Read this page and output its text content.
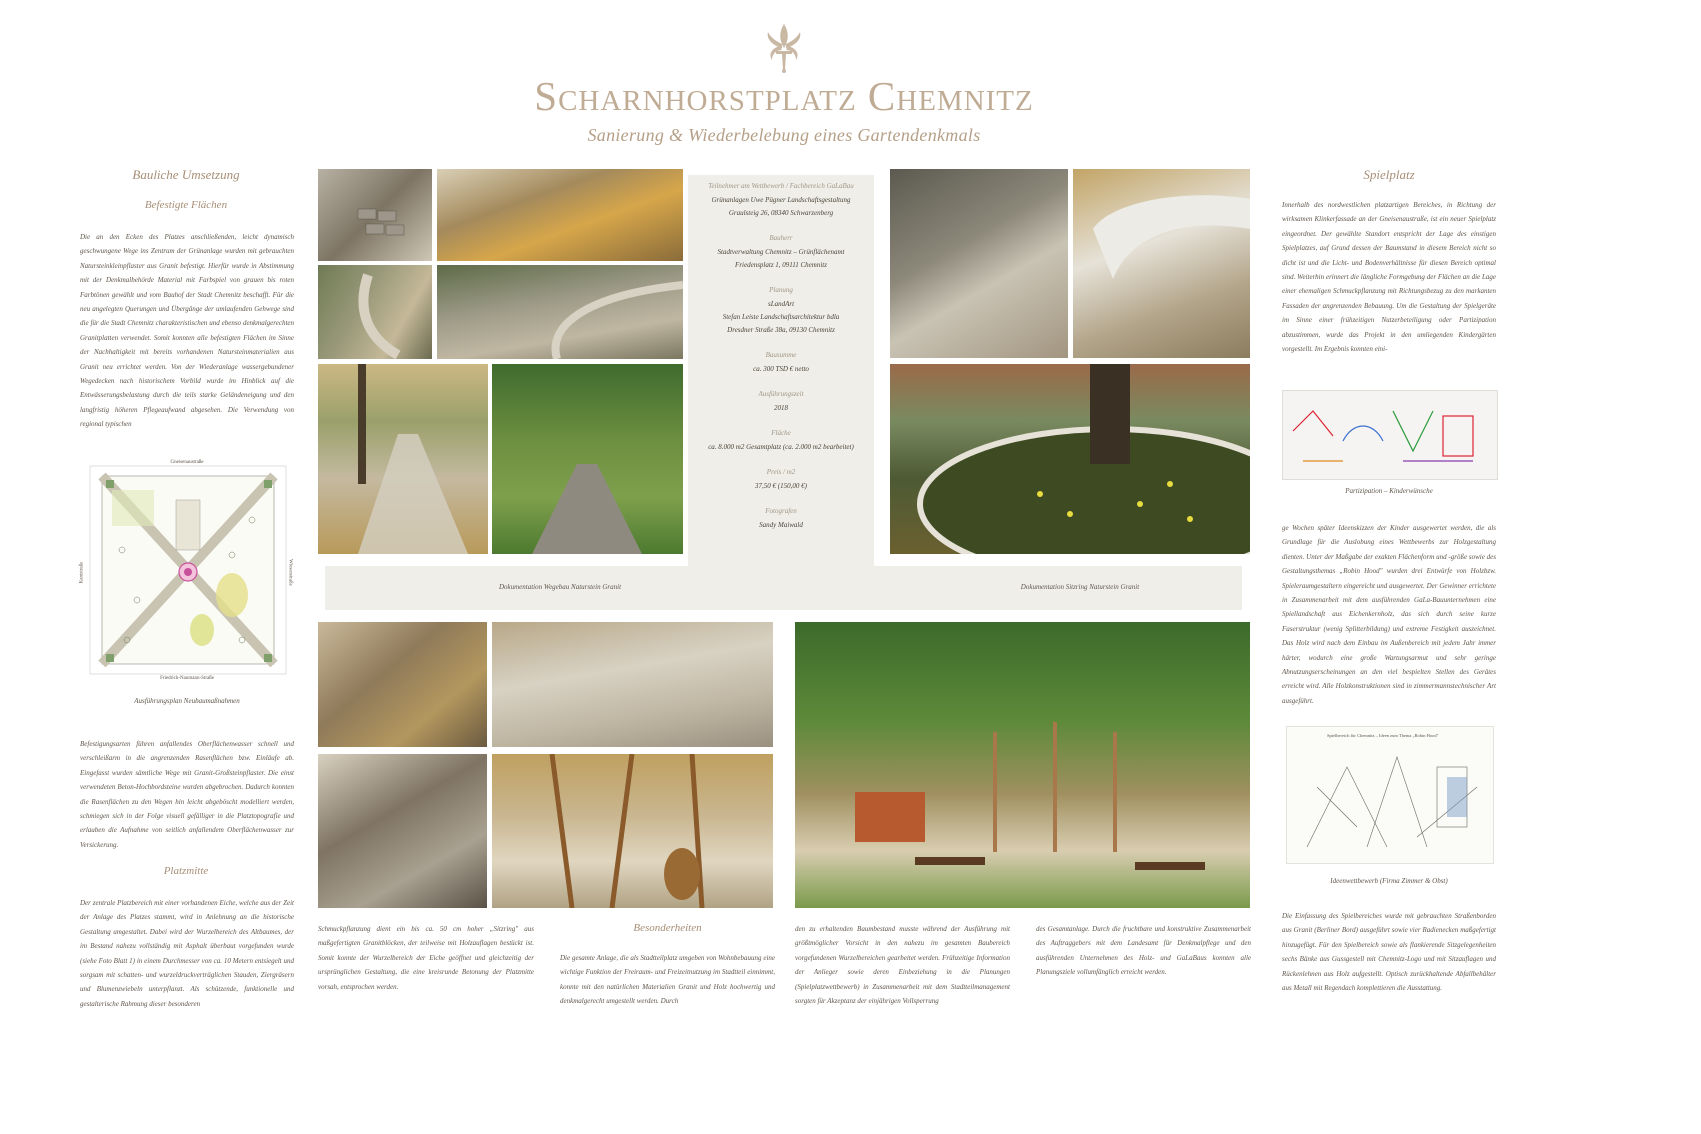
Scharnhorstplatz Chemnitz
Sanierung & Wiederbelebung eines Gartendenkmals
Bauliche Umsetzung
Befestigte Flächen
Die an den Ecken des Platzes anschließenden, leicht dynamisch geschwungene Wege ins Zentrum der Grünanlage wurden mit gebrauchten Natursteinkleinpflaster aus Granit befestigt. Hierfür wurde in Abstimmung mit der Denkmalbehörde Material mit Farbspiel von grauen bis roten Farbtönen gewählt und vom Bauhof der Stadt Chemnitz beschafft. Für die neu angelegten Querungen und Übergänge der umlaufenden Gehwege sind die für die Stadt Chemnitz charakteristischen und ebenso denkmalgerechten Granitplatten verwendet. Somit konnten alle befestigten Flächen im Sinne der Nachhaltigkeit mit bereits vorhandenen Natursteinmaterialien aus Granit neu errichtet werden. Von der Wiederanlage wassergebundener Wegedecken nach historischem Vorbild wurde im Hinblick auf die Entwässerungsbelastung durch die teils starke Geländeneigung und den langfristig höheren Pflegeaufwand abgesehen. Die Verwendung von regional typischen
Gneisenaustraße
Friedrich-Naumann-Straße
Kantstraße	Wiesenstraße
Ausführungsplan Neubaumaßnahmen
Befestigungsarten führen anfallendes Oberflächenwasser schnell und verschleißarm in die angrenzenden Rasenflächen bzw. Einläufe ab. Eingefasst wurden sämtliche Wege mit Granit-Großsteinpflaster. Die einst verwendeten Beton-Hochbordsteine wurden abgebrochen. Dadurch konnten die Rasenflächen zu den Wegen hin leicht abgeböscht modelliert werden, schmiegen sich in der Folge visuell gefälliger in die Platztopografie und erlauben die Aufnahme von seitlich anfallendem Oberflächenwasser zur Versickerung.
Platzmitte
Der zentrale Platzbereich mit einer vorhandenen Eiche, welche aus der Zeit der Anlage des Platzes stammt, wird in Anlehnung an die historische Gestaltung umgestaltet. Dabei wird der Wurzelbereich des Altbaumes, der im Bestand nahezu vollständig mit Asphalt überbaut vorgefunden wurde (siehe Foto Blatt 1) in einem Durchmesser von ca. 10 Metern entsiegelt und sorgsam mit schatten- und wurzeldruckverträglichen Stauden, Ziergräsern und Blumenzwiebeln unterpflanzt. Als schützende, funktionelle und gestalterische Rahmung dieser besonderen
Teilnehmer am Wettbewerb / Fachbereich GaLaBau
Grünanlagen Uwe Pügner Landschaftsgestaltung
Graulsteig 26, 08340 Schwarzenberg
Bauherr
Stadtverwaltung Chemnitz – Grünflächenamt
Friedensplatz 1, 09111 Chemnitz
Planung
sLandArt
Stefan Leiste Landschaftsarchitektur bdla
Dresdner Straße 38a, 09130 Chemnitz
Bausumme
ca. 300 TSD € netto
Ausführungszeit
2018
Fläche
ca. 8.000 m2 Gesamtplatz (ca. 2.000 m2 bearbeitet)
Preis / m2
37,50 € (150,00 €)
Fotografen
Sandy Maiwald
Dokumentation Wegebau Naturstein Granit	Dokumentation Sitzring Naturstein Granit
Schmuckpflanzung dient ein bis ca. 50 cm hoher „Sitzring" aus maßgefertigten Granitblöcken, der teilweise mit Holzauflagen bestückt ist. Somit konnte der Wurzelbereich der Eiche geöffnet und gleichzeitig der ursprünglichen Gestaltung, die eine kreisrunde Betonung der Platzmitte vorsah, entsprochen werden.
Besonderheiten
Die gesamte Anlage, die als Stadtteilplatz umgeben von Wohnbebauung eine wichtige Funktion der Freiraum- und Freizeitnutzung im Stadtteil einnimmt, konnte mit den natürlichen Materialien Granit und Holz hochwertig und denkmalgerecht umgestellt werden. Durch
den zu erhaltenden Baumbestand musste während der Ausführung mit größtmöglicher Vorsicht in den nahezu im gesamten Baubereich vorgefundenen Wurzelbereichen gearbeitet werden. Frühzeitige Information der Anlieger sowie deren Einbeziehung in die Planungen (Spielplatzwettbewerb) in Zusammenarbeit mit dem Stadtteilmanagement sorgten für Akzeptanz der einjährigen Vollsperrung
des Gesamtanlage. Durch die fruchtbare und konstruktive Zusammenarbeit des Auftraggebers mit dem Landesamt für Denkmalpflege und den ausführenden Unternehmen des Holz- und GaLaBaus konnten alle Planungsziele vollumfänglich erreicht werden.
Spielplatz
Innerhalb des nordwestlichen platzartigen Bereiches, in Richtung der wirksamen Klinkerfassade an der Gneisenaustraße, ist ein neuer Spielplatz eingeordnet. Der gewählte Standort entspricht der Lage des einstigen Spielplatzes, auf Grund dessen der Baumstand in diesem Bereich nicht so dicht ist und die Licht- und Bodenverhältnisse für diesen Bereich optimal sind. Weiterhin erinnert die längliche Formgebung der Flächen an die Lage einer ehemaligen Schmuckpflanzung mit Richtungsbezug zu den markanten Fassaden der angrenzenden Bebauung. Um die Gestaltung der Spielgeräte im Sinne einer frühzeitigen Nutzerbeteiligung oder Partizipation abzustimmen, wurde das Projekt in den umliegenden Kindergärten vorgestellt. Im Ergebnis konnten eini-
Partizipation – Kinderwünsche
ge Wochen später Ideenskizzen der Kinder ausgewertet werden, die als Grundlage für die Auslobung eines Wettbewerbs zur Holzgestaltung dienten. Unter der Maßgabe der exakten Flächenform und -größe sowie des Gestaltungsthemas „Robin Hood" wurden drei Entwürfe von Holzbzw. Spieleraumgestaltern eingereicht und ausgewertet. Der Gewinner errichtete in Zusammenarbeit mit dem ausführenden GaLa-Bauunternehmen eine Spiellandschaft aus Eichenkernholz, das sich durch seine kurze Faserstruktur (wenig Splitterbildung) und extreme Festigkeit auszeichnet. Das Holz wird nach dem Einbau im Außenbereich mit jedem Jahr immer härter, wodurch eine große Wartungsarmut und sehr geringe Abnutzungserscheinungen an den viel bespielten Stellen des Gerätes erreicht wird. Alle Holzkonstruktionen sind in zimmermannstechnischer Art ausgeführt.
Spielbereich für Chemnitz – Ideen zum Thema „Robin Hood"
Ideenwettbewerb (Firma Zimmer & Obst)
Die Einfassung des Spielbereiches wurde mit gebrauchten Straßenborden aus Granit (Berliner Bord) ausgeführt sowie vier Radienecken maßgefertigt hinzugefügt. Für den Spielbereich sowie als flankierende Sitzgelegenheiten sechs Bänke aus Gussgestell mit Chemnitz-Logo und mit Sitzauflagen und Rückenlehnen aus Holz aufgestellt. Optisch zurückhaltende Abfallbehälter aus Metall mit Regendach komplettieren die Ausstattung.
